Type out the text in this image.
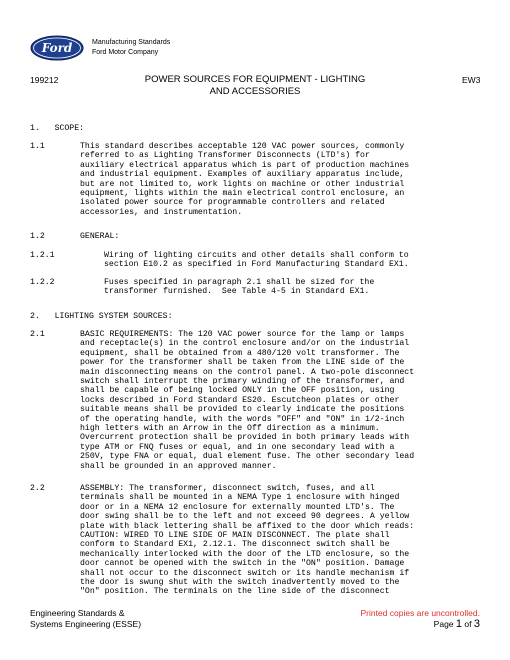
Ford	Manufacturing Standards
Ford Motor Company
199212	POWER SOURCES FOR EQUIPMENT - LIGHTING
AND ACCESSORIES
EW3
1.   SCOPE:
1.1	This standard describes acceptable 120 VAC power sources, commonly
referred to as Lighting Transformer Disconnects (LTD's) for
auxiliary electrical apparatus which is part of production machines
and industrial equipment. Examples of auxiliary apparatus include,
but are not limited to, work lights on machine or other industrial
equipment, lights within the main electrical control enclosure, an
isolated power source for programmable controllers and related
accessories, and instrumentation.
1.2	GENERAL:
1.2.1	Wiring of lighting circuits and other details shall conform to
section E10.2 as specified in Ford Manufacturing Standard EX1.
1.2.2	Fuses specified in paragraph 2.1 shall be sized for the
transformer furnished.  See Table 4-5 in Standard EX1.
2.   LIGHTING SYSTEM SOURCES:
2.1	BASIC REQUIREMENTS: The 120 VAC power source for the lamp or lamps
and receptacle(s) in the control enclosure and/or on the industrial
equipment, shall be obtained from a 480/120 volt transformer. The
power for the transformer shall be taken from the LINE side of the
main disconnecting means on the control panel. A two-pole disconnect
switch shall interrupt the primary winding of the transformer, and
shall be capable of being locked ONLY in the OFF position, using
locks described in Ford Standard ES20. Escutcheon plates or other
suitable means shall be provided to clearly indicate the positions
of the operating handle, with the words "OFF" and "ON" in 1/2-inch
high letters with an Arrow in the Off direction as a minimum.
Overcurrent protection shall be provided in both primary leads with
type ATM or FNQ fuses or equal, and in one secondary lead with a
250V, type FNA or equal, dual element fuse. The other secondary lead
shall be grounded in an approved manner.
2.2	ASSEMBLY: The transformer, disconnect switch, fuses, and all
terminals shall be mounted in a NEMA Type 1 enclosure with hinged
door or in a NEMA 12 enclosure for externally mounted LTD's. The
door swing shall be to the left and not exceed 90 degrees. A yellow
plate with black lettering shall be affixed to the door which reads:
CAUTION: WIRED TO LINE SIDE OF MAIN DISCONNECT. The plate shall
conform to Standard EX1, 2.12.1. The disconnect switch shall be
mechanically interlocked with the door of the LTD enclosure, so the
door cannot be opened with the switch in the "ON" position. Damage
shall not occur to the disconnect switch or its handle mechanism if
the door is swung shut with the switch inadvertently moved to the
"On" position. The terminals on the line side of the disconnect
Engineering Standards &
Systems Engineering (ESSE)
Printed copies are uncontrolled.
Page 1 of 3
